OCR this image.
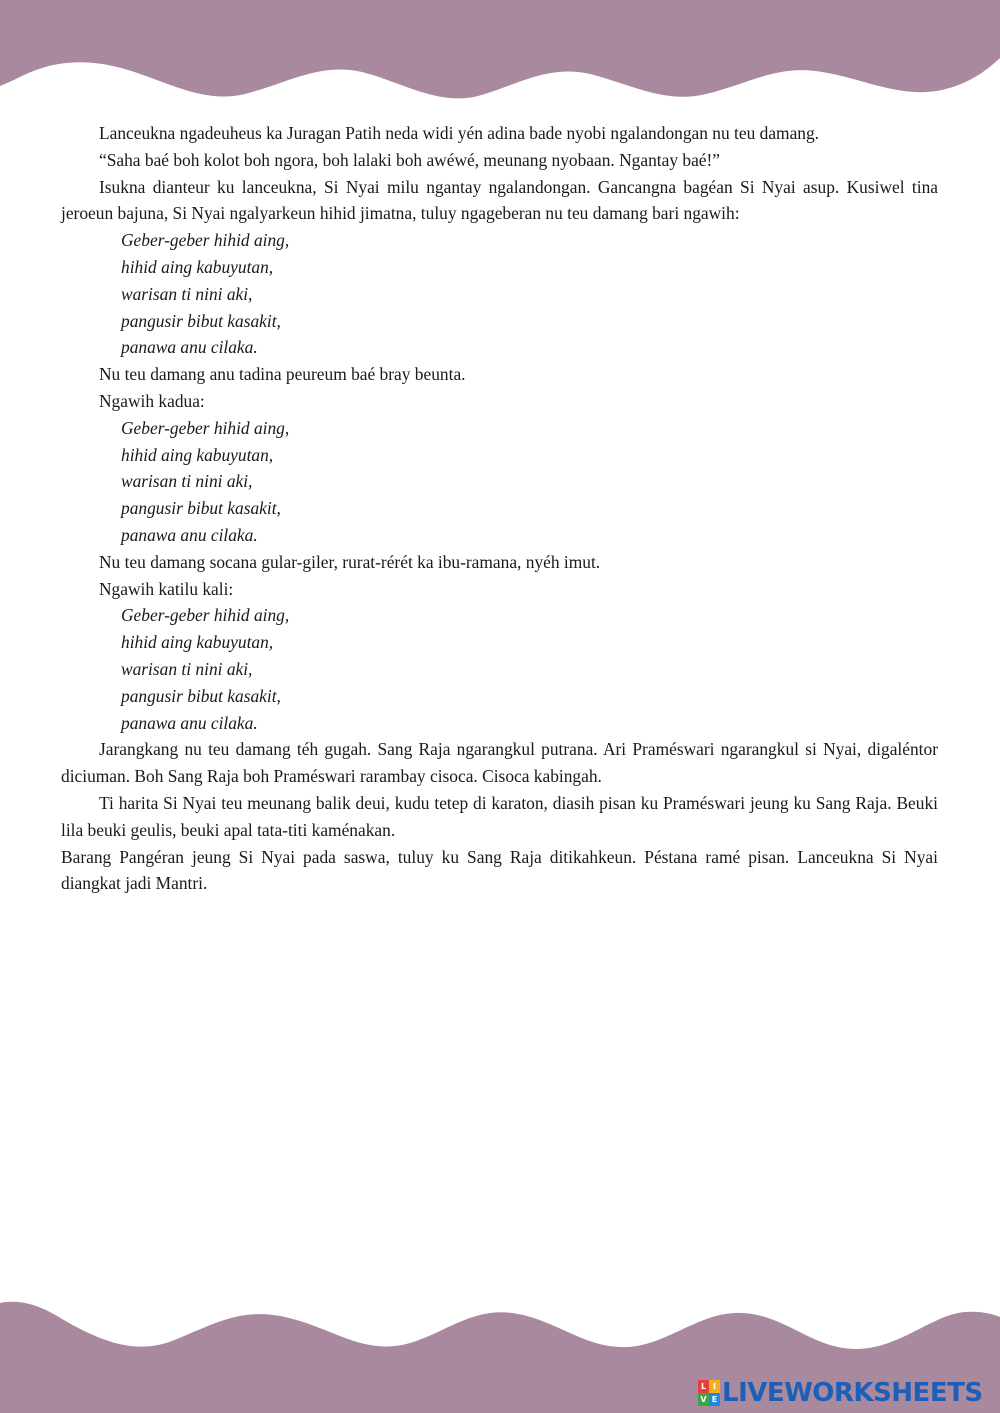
Lanceukna ngadeuheus ka Juragan Patih neda widi yén adina bade nyobi ngalandongan nu teu damang.

“Saha baé boh kolot boh ngora, boh lalaki boh awéwé, meunang nyobaan. Ngantay baé!”

Isukna dianteur ku lanceukna, Si Nyai milu ngantay ngalandongan. Gancangna bagéan Si Nyai asup. Kusiwel tina jeroeun bajuna, Si Nyai ngalyarkeun hihid jimatna, tuluy ngageberan nu teu damang bari ngawih:

Geber-geber hihid aing,
hihid aing kabuyutan,
warisan ti nini aki,
pangusir bibut kasakit,
panawa anu cilaka.

Nu teu damang anu tadina peureum baé bray beunta.

Ngawih kadua:

Geber-geber hihid aing,
hihid aing kabuyutan,
warisan ti nini aki,
pangusir bibut kasakit,
panawa anu cilaka.

Nu teu damang socana gular-giler, rurat-rérét ka ibu-ramana, nyéh imut.

Ngawih katilu kali:

Geber-geber hihid aing,
hihid aing kabuyutan,
warisan ti nini aki,
pangusir bibut kasakit,
panawa anu cilaka.

Jarangkang nu teu damang téh gugah. Sang Raja ngarangkul putrana. Ari Praméswari ngarangkul si Nyai, digaléntor diciuman. Boh Sang Raja boh Praméswari rarambay cisoca. Cisoca kabingah.

Ti harita Si Nyai teu meunang balik deui, kudu tetep di karaton, diasih pisan ku Praméswari jeung ku Sang Raja. Beuki lila beuki geulis, beuki apal tata-titi kaménakan.

Barang Pangéran jeung Si Nyai pada saswa, tuluy ku Sang Raja ditikahkeun. Péstana ramé pisan. Lanceukna Si Nyai diangkat jadi Mantri.

L I
V E LIVEWORKSHEETS
